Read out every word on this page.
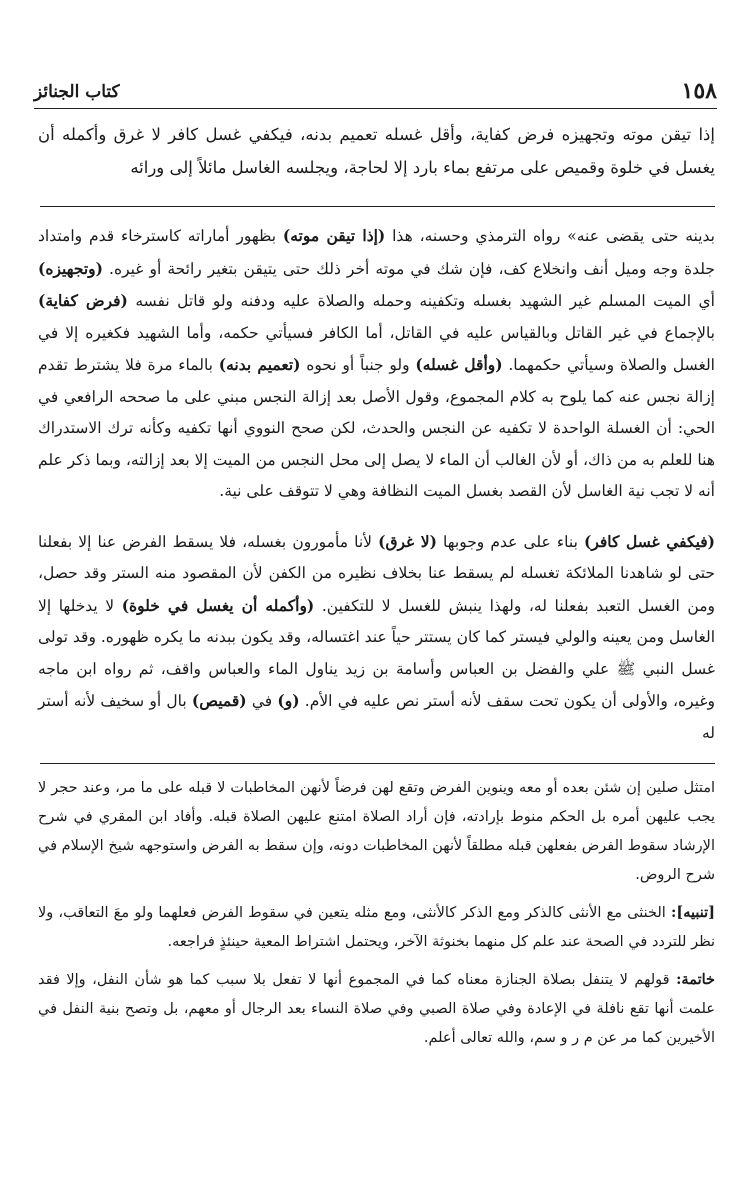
١٥٨
كتاب الجنائز

إذا تيقن موته وتجهيزه فرض كفاية، وأقل غسله تعميم بدنه، فيكفي غسل كافر لا غرق وأكمله أن يغسل في خلوة وقميص على مرتفع بماء بارد إلا لحاجة، ويجلسه الغاسل مائلاً إلى ورائه

بدينه حتى يقضى عنه» رواه الترمذي وحسنه، هذا (إذا تيقن موته) بظهور أماراته كاسترخاء قدم وامتداد جلدة وجه وميل أنف وانخلاع كف، فإن شك في موته أخر ذلك حتى يتيقن بتغير رائحة أو غيره. (وتجهيزه) أي الميت المسلم غير الشهيد بغسله وتكفينه وحمله والصلاة عليه ودفنه ولو قاتل نفسه (فرض كفاية) بالإجماع في غير القاتل وبالقياس عليه في القاتل، أما الكافر فسيأتي حكمه، وأما الشهيد فكغيره إلا في الغسل والصلاة وسيأتي حكمهما. (وأقل غسله) ولو جنباً أو نحوه (تعميم بدنه) بالماء مرة فلا يشترط تقدم إزالة نجس عنه كما يلوح به كلام المجموع، وقول الأصل بعد إزالة النجس مبني على ما صححه الرافعي في الحي: أن الغسلة الواحدة لا تكفيه عن النجس والحدث، لكن صحح النووي أنها تكفيه وكأنه ترك الاستدراك هنا للعلم به من ذاك، أو لأن الغالب أن الماء لا يصل إلى محل النجس من الميت إلا بعد إزالته، وبما ذكر علم أنه لا تجب نية الغاسل لأن القصد بغسل الميت النظافة وهي لا تتوقف على نية.

(فيكفي غسل كافر) بناء على عدم وجوبها (لا غرق) لأنا مأمورون بغسله، فلا يسقط الفرض عنا إلا بفعلنا حتى لو شاهدنا الملائكة تغسله لم يسقط عنا بخلاف نظيره من الكفن لأن المقصود منه الستر وقد حصل، ومن الغسل التعبد بفعلنا له، ولهذا ينبش للغسل لا للتكفين. (وأكمله أن يغسل في خلوة) لا يدخلها إلا الغاسل ومن يعينه والولي فيستر كما كان يستتر حياً عند اغتساله، وقد يكون ببدنه ما يكره ظهوره. وقد تولى غسل النبي ﷺ علي والفضل بن العباس وأسامة بن زيد يناول الماء والعباس واقف، ثم رواه ابن ماجه وغيره، والأولى أن يكون تحت سقف لأنه أستر نص عليه في الأم. (و) في (قميص) بال أو سخيف لأنه أستر له

امتثل صلين إن شئن بعده أو معه وينوين الفرض وتقع لهن فرضاً لأنهن المخاطبات لا قبله على ما مر، وعند حجر لا يجب عليهن أمره بل الحكم منوط بإرادته، فإن أراد الصلاة امتنع عليهن الصلاة قبله. وأفاد ابن المقري في شرح الإرشاد سقوط الفرض بفعلهن قبله مطلقاً لأنهن المخاطبات دونه، وإن سقط به الفرض واستوجهه شيخ الإسلام في شرح الروض.

[تنبيه]: الخنثى مع الأنثى كالذكر ومع الذكر كالأنثى، ومع مثله يتعين في سقوط الفرض فعلهما ولو معَ التعاقب، ولا نظر للتردد في الصحة عند علم كل منهما بخنوثة الآخر، ويحتمل اشتراط المعية حينئذٍ فراجعه.

خاتمة: قولهم لا يتنفل بصلاة الجنازة معناه كما في المجموع أنها لا تفعل بلا سبب كما هو شأن النفل، وإلا فقد علمت أنها تقع نافلة في الإعادة وفي صلاة الصبي وفي صلاة النساء بعد الرجال أو معهم، بل وتصح بنية النفل في الأخيرين كما مر عن م ر و سم، والله تعالى أعلم.
